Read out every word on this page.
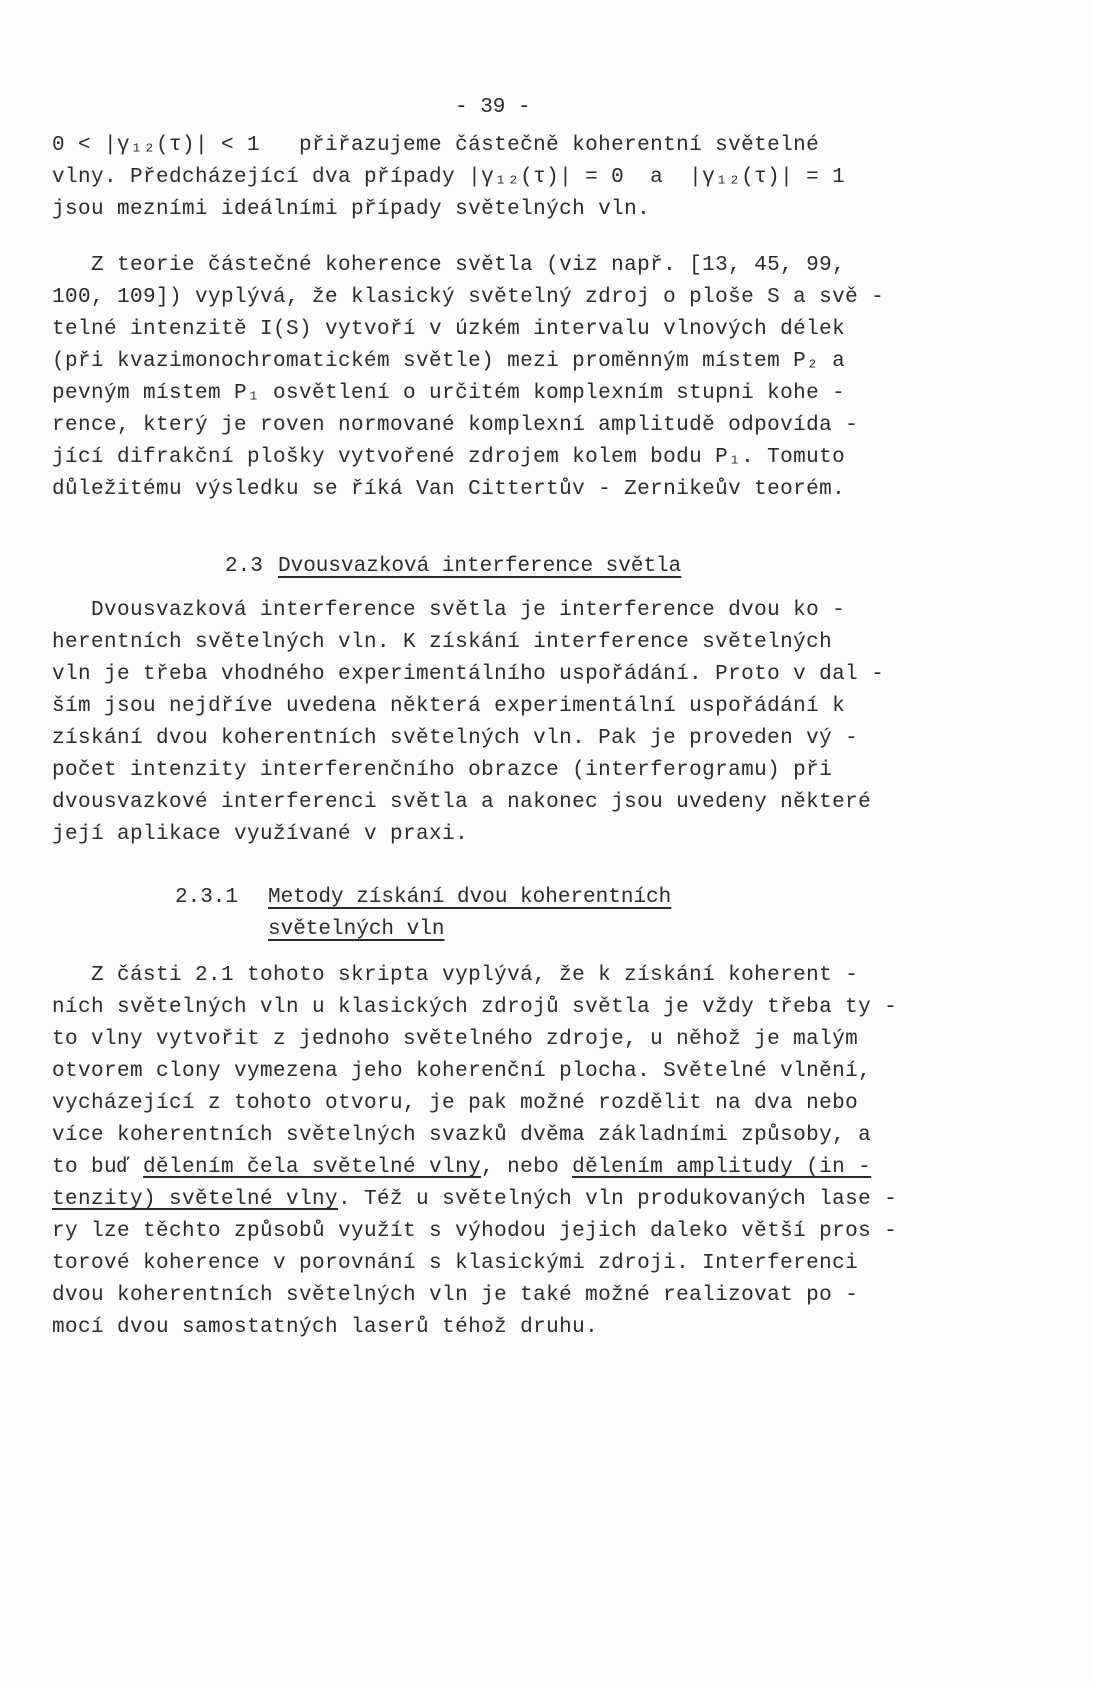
- 39 -
0 < |γ₁₂(τ)| < 1   přiřazujeme částečně koherentní světelné
vlny. Předcházející dva případy |γ₁₂(τ)| = 0  a  |γ₁₂(τ)| = 1
jsou mezními ideálními případy světelných vln.
Z teorie částečné koherence světla (viz např. [13, 45, 99,
100, 109]) vyplývá, že klasický světelný zdroj o ploše S a svě -
telné intenzitě I(S) vytvoří v úzkém intervalu vlnových délek
(při kvazimonochromatickém světle) mezi proměnným místem P₂ a
pevným místem P₁ osvětlení o určitém komplexním stupni kohe -
rence, který je roven normované komplexní amplitudě odpovída -
jící difrakční plošky vytvořené zdrojem kolem bodu P₁. Tomuto
důležitému výsledku se říká Van Cittertův - Zernikeův teorém.
2.3 Dvousvazková interference světla
Dvousvazková interference světla je interference dvou ko -
herentních světelných vln. K získání interference světelných
vln je třeba vhodného experimentálního uspořádání. Proto v dal -
ším jsou nejdříve uvedena některá experimentální uspořádání k
získání dvou koherentních světelných vln. Pak je proveden vý -
počet intenzity interferenčního obrazce (interferogramu) při
dvousvazkové interferenci světla a nakonec jsou uvedeny některé
její aplikace využívané v praxi.
2.3.1 Metody získání dvou koherentních
světelných vln
Z části 2.1 tohoto skripta vyplývá, že k získání koherent -
ních světelných vln u klasických zdrojů světla je vždy třeba ty -
to vlny vytvořit z jednoho světelného zdroje, u něhož je malým
otvorem clony vymezena jeho koherenční plocha. Světelné vlnění,
vycházející z tohoto otvoru, je pak možné rozdělit na dva nebo
více koherentních světelných svazků dvěma základními způsoby, a
to buď dělením čela světelné vlny, nebo dělením amplitudy (in -
tenzity) světelné vlny. Též u světelných vln produkovaných lase -
ry lze těchto způsobů využít s výhodou jejich daleko větší pros -
torové koherence v porovnání s klasickými zdroji. Interferenci
dvou koherentních světelných vln je také možné realizovat po -
mocí dvou samostatných laserů téhož druhu.
